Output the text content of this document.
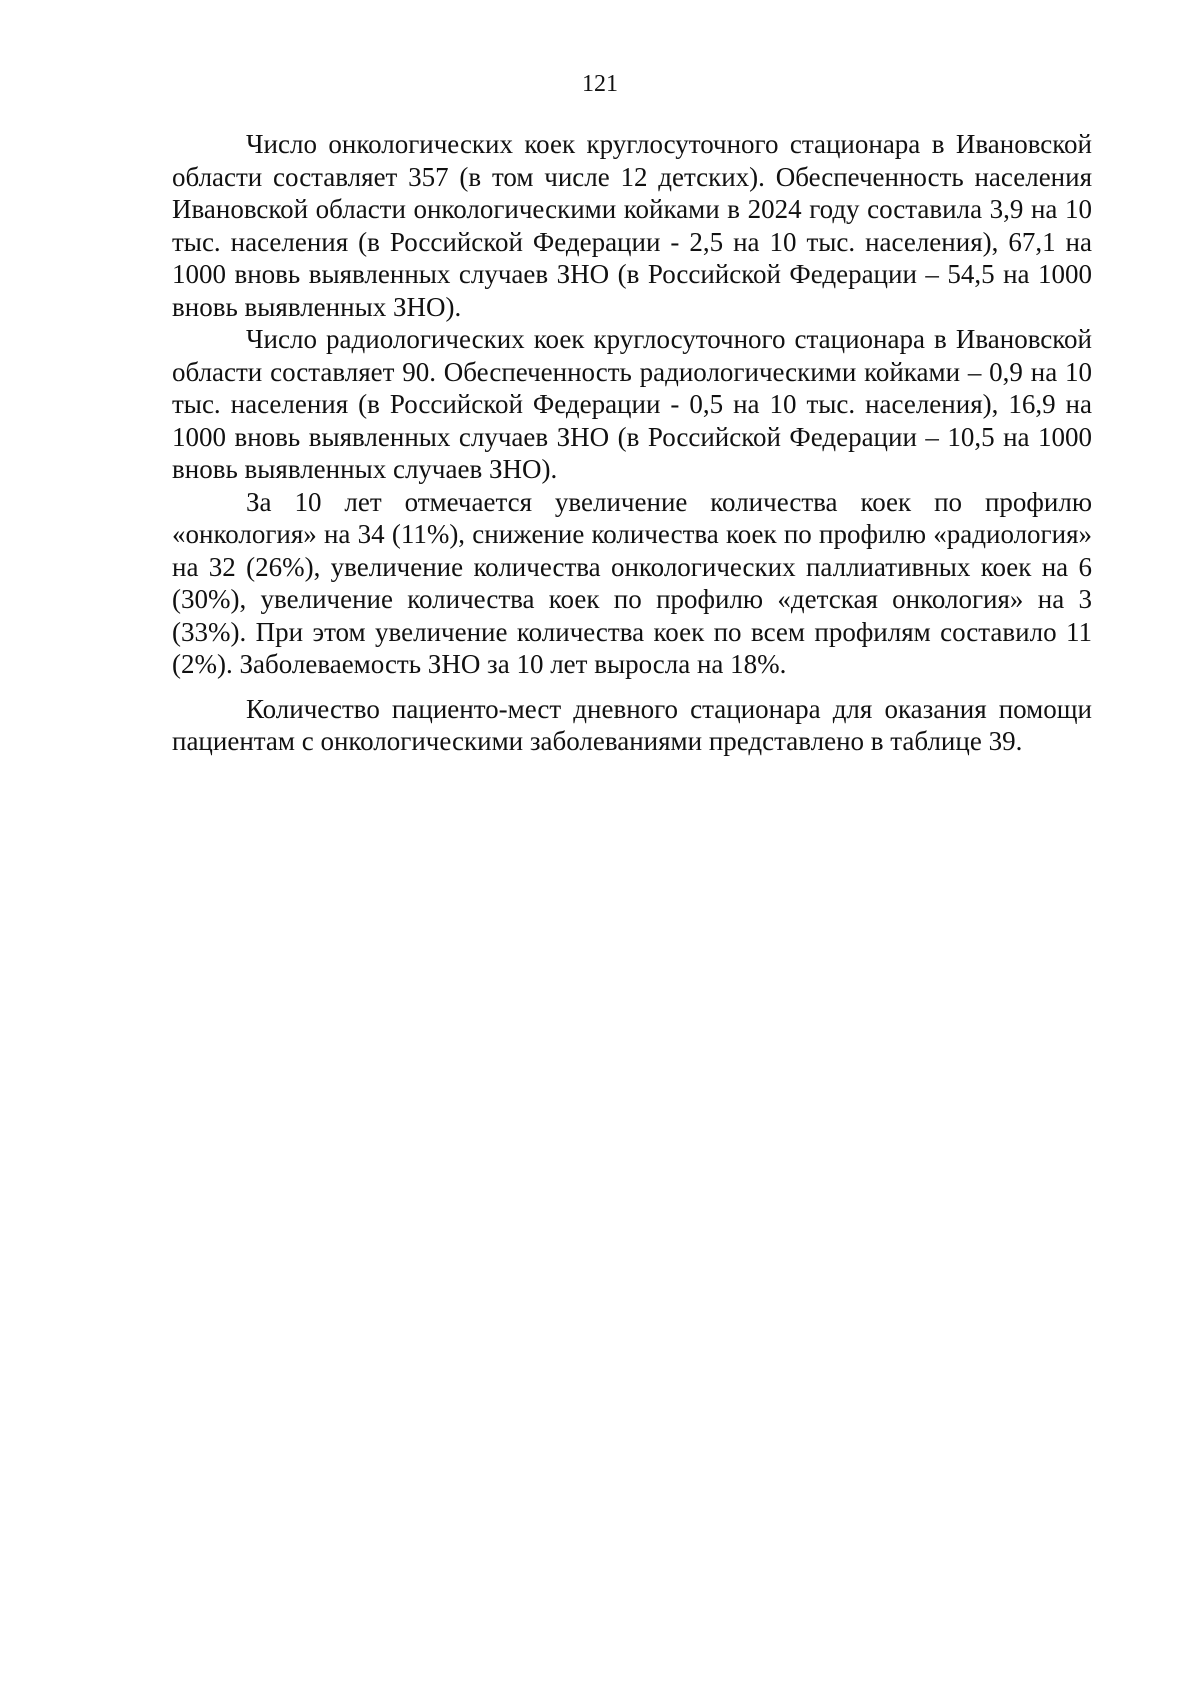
121

Число онкологических коек круглосуточного стационара в Ивановской области составляет 357 (в том числе 12 детских). Обеспеченность населения Ивановской области онкологическими койками в 2024 году составила 3,9 на 10 тыс. населения (в Российской Федерации - 2,5 на 10 тыс. населения), 67,1 на 1000 вновь выявленных случаев ЗНО (в Российской Федерации – 54,5 на 1000 вновь выявленных ЗНО).

Число радиологических коек круглосуточного стационара в Ивановской области составляет 90. Обеспеченность радиологическими койками – 0,9 на 10 тыс. населения (в Российской Федерации - 0,5 на 10 тыс. населения), 16,9 на 1000 вновь выявленных случаев ЗНО (в Российской Федерации – 10,5 на 1000 вновь выявленных случаев ЗНО).

За 10 лет отмечается увеличение количества коек по профилю «онкология» на 34 (11%), снижение количества коек по профилю «радиология» на 32 (26%), увеличение количества онкологических паллиативных коек на 6 (30%), увеличение количества коек по профилю «детская онкология» на 3 (33%). При этом увеличение количества коек по всем профилям составило 11 (2%). Заболеваемость ЗНО за 10 лет выросла на 18%.

Количество пациенто-мест дневного стационара для оказания помощи пациентам с онкологическими заболеваниями представлено в таблице 39.
